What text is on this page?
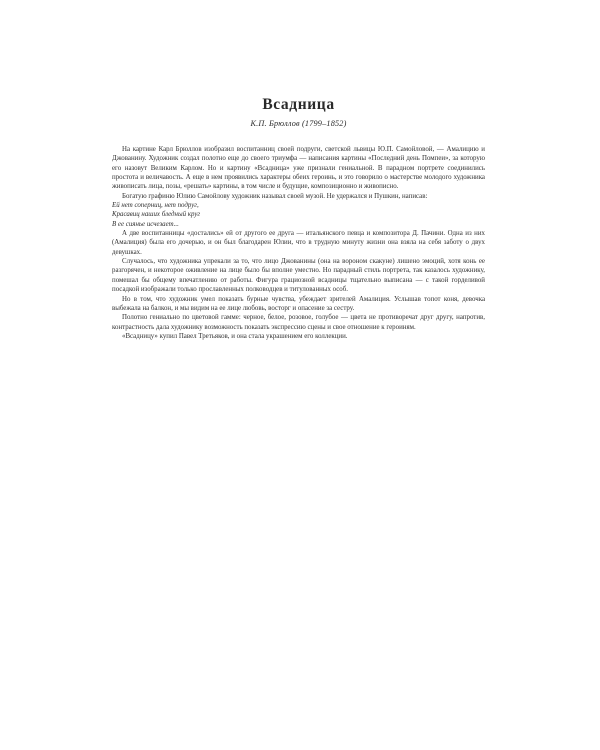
Всадница
К.П. Брюллов (1799–1852)

На картине Карл Брюллов изобразил воспитанниц своей подруги, светской львицы Ю.П. Самойловой, — Амалицию и Джованину. Художник создал полотно еще до своего триумфа — написания картины «Последний день Помпеи», за которую его назовут Великим Карлом. Но и картину «Всадница» уже признали гениальной. В парадном портрете соединились простота и величавость. А еще в нем проявились характеры обеих героинь, и это говорило о мастерстве молодого художника живописать лица, позы, «решать» картины, в том числе и будущие, композиционно и живописно.

Богатую графиню Юлию Самойлову художник называл своей музой. Не удержался и Пушкин, написав:

Ей нет соперниц, нет подруг,

Красавиц наших бледный круг

В ее сиянье исчезает...

А две воспитанницы «достались» ей от другого ее друга — итальянского певца и композитора Д. Пачини. Одна из них (Амалиция) была его дочерью, и он был благодарен Юлии, что в трудную минуту жизни она взяла на себя заботу о двух девушках.

Случалось, что художника упрекали за то, что лицо Джованины (она на вороном скакуне) лишено эмоций, хотя конь ее разгорячен, и некоторое оживление на лице было бы вполне уместно. Но парадный стиль портрета, так казалось художнику, помешал бы общему впечатлению от работы. Фигура грациозной всадницы тщательно выписана — с такой горделивой посадкой изображали только прославленных полководцев и титулованных особ.

Но в том, что художник умел показать бурные чувства, убеждает зрителей Амалиция. Услышав топот коня, девочка выбежала на балкон, и мы видим на ее лице любовь, восторг и опасение за сестру.

Полотно гениально по цветовой гамме: черное, белое, розовое, голубое — цвета не противоречат друг другу, напротив, контрастность дала художнику возможность показать экспрессию сцены и свое отношение к героиням.

«Всадницу» купил Павел Третьяков, и она стала украшением его коллекции.
